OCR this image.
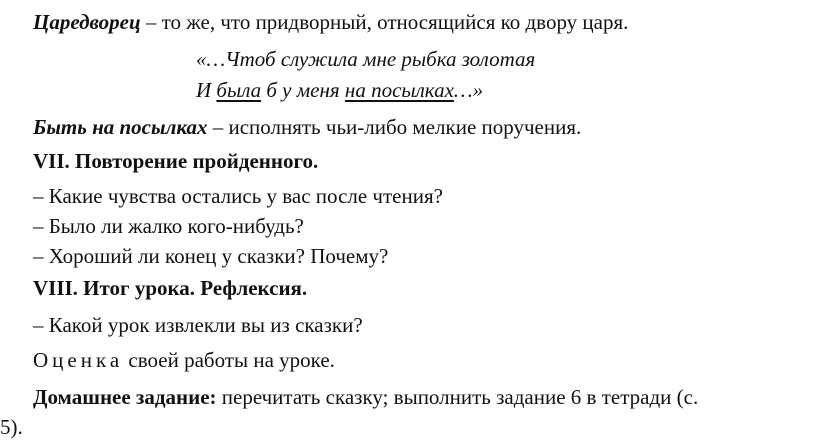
Царедворец – то же, что придворный, относящийся ко двору царя.
«…Чтоб служила мне рыбка золотая
И была б у меня на посылках…»
Быть на посылках – исполнять чьи-либо мелкие поручения.
VII. Повторение пройденного.
– Какие чувства остались у вас после чтения?
– Было ли жалко кого-нибудь?
– Хороший ли конец у сказки? Почему?
VIII. Итог урока. Рефлексия.
– Какой урок извлекли вы из сказки?
Оценка своей работы на уроке.
Домашнее задание: перечитать сказку; выполнить задание 6 в тетради (с.
5).
